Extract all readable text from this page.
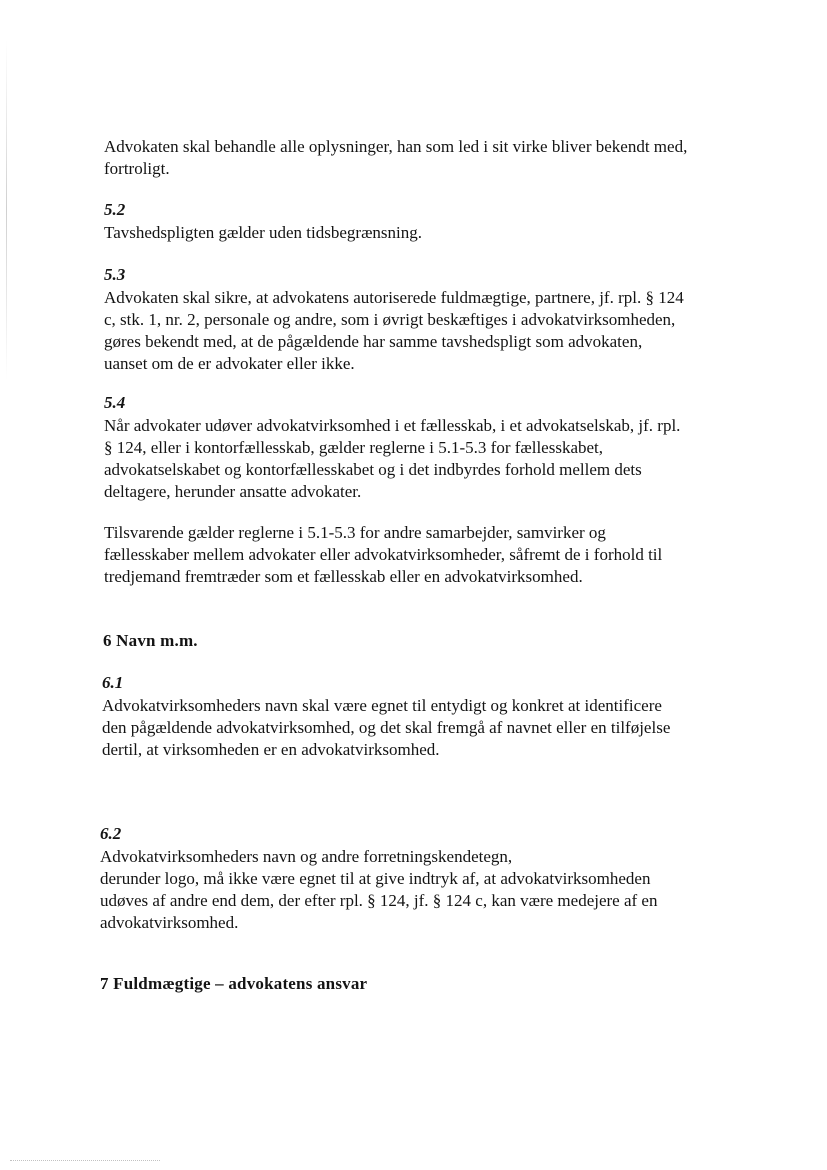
Advokaten skal behandle alle oplysninger, han som led i sit virke bliver bekendt med,
fortroligt.

5.2

Tavshedspligten gælder uden tidsbegrænsning.

5.3

Advokaten skal sikre, at advokatens autoriserede fuldmægtige, partnere, jf. rpl. § 124
c, stk. 1, nr. 2, personale og andre, som i øvrigt beskæftiges i advokatvirksomheden,
gøres bekendt med, at de pågældende har samme tavshedspligt som advokaten,
uanset om de er advokater eller ikke.

5.4

Når advokater udøver advokatvirksomhed i et fællesskab, i et advokatselskab, jf. rpl.
§ 124, eller i kontorfællesskab, gælder reglerne i 5.1-5.3 for fællesskabet,
advokatselskabet og kontorfællesskabet og i det indbyrdes forhold mellem dets
deltagere, herunder ansatte advokater.

Tilsvarende gælder reglerne i 5.1-5.3 for andre samarbejder, samvirker og
fællesskaber mellem advokater eller advokatvirksomheder, såfremt de i forhold til
tredjemand fremtræder som et fællesskab eller en advokatvirksomhed.

6 Navn m.m.

6.1

Advokatvirksomheders navn skal være egnet til entydigt og konkret at identificere
den pågældende advokatvirksomhed, og det skal fremgå af navnet eller en tilføjelse
dertil, at virksomheden er en advokatvirksomhed.

6.2

Advokatvirksomheders navn og andre forretningskendetegn,
derunder logo, må ikke være egnet til at give indtryk af, at advokatvirksomheden
udøves af andre end dem, der efter rpl. § 124, jf. § 124 c, kan være medejere af en
advokatvirksomhed.

7 Fuldmægtige – advokatens ansvar
